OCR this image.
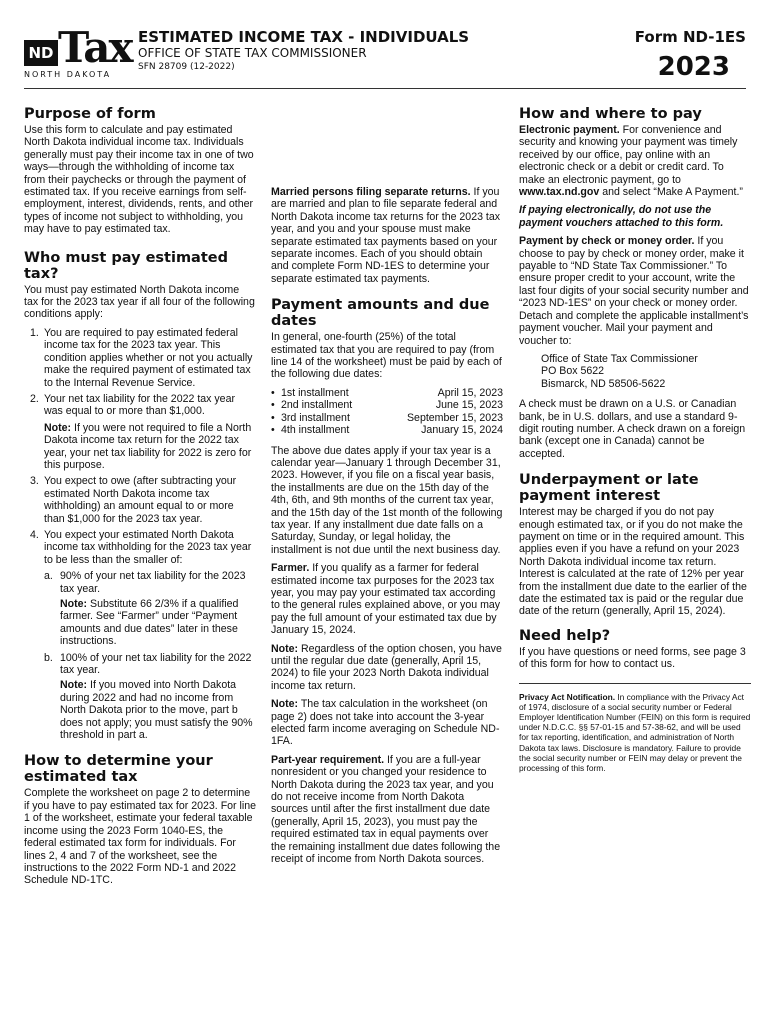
ND Tax
NORTH DAKOTA
ESTIMATED INCOME TAX - INDIVIDUALS
OFFICE OF STATE TAX COMMISSIONER
SFN 28709 (12-2022)
Form ND-1ES
2023
Purpose of form

Use this form to calculate and pay estimated North Dakota individual income tax. Individuals generally must pay their income tax in one of two ways—through the withholding of income tax from their paychecks or through the payment of estimated tax. If you receive earnings from self-employment, interest, dividends, rents, and other types of income not subject to withholding, you may have to pay estimated tax.

Who must pay estimated tax?

You must pay estimated North Dakota income tax for the 2023 tax year if all four of the following conditions apply:

1. You are required to pay estimated federal income tax for the 2023 tax year. This condition applies whether or not you actually make the required payment of estimated tax to the Internal Revenue Service.
2. Your net tax liability for the 2022 tax year was equal to or more than $1,000.
Note: If you were not required to file a North Dakota income tax return for the 2022 tax year, your net tax liability for 2022 is zero for this purpose.
3. You expect to owe (after subtracting your estimated North Dakota income tax withholding) an amount equal to or more than $1,000 for the 2023 tax year.
4. You expect your estimated North Dakota income tax withholding for the 2023 tax year to be less than the smaller of:
a. 90% of your net tax liability for the 2023 tax year.
Note: Substitute 66 2/3% if a qualified farmer. See “Farmer” under “Payment amounts and due dates” later in these instructions.
b. 100% of your net tax liability for the 2022 tax year.
Note: If you moved into North Dakota during 2022 and had no income from North Dakota prior to the move, part b does not apply; you must satisfy the 90% threshold in part a.
How to determine your estimated tax

Complete the worksheet on page 2 to determine if you have to pay estimated tax for 2023. For line 1 of the worksheet, estimate your federal taxable income using the 2023 Form 1040-ES, the federal estimated tax form for individuals. For lines 2, 4 and 7 of the worksheet, see the instructions to the 2022 Form ND-1 and 2022 Schedule ND-1TC.

Married persons filing separate returns. If you are married and plan to file separate federal and North Dakota income tax returns for the 2023 tax year, and you and your spouse must make separate estimated tax payments based on your separate incomes. Each of you should obtain and complete Form ND-1ES to determine your separate estimated tax payments.

Payment amounts and due dates

In general, one-fourth (25%) of the total estimated tax that you are required to pay (from line 14 of the worksheet) must be paid by each of the following due dates:

• 1st installment	April 15, 2023
• 2nd installment	June 15, 2023
• 3rd installment	September 15, 2023
• 4th installment	January 15, 2024

The above due dates apply if your tax year is a calendar year—January 1 through December 31, 2023. However, if you file on a fiscal year basis, the installments are due on the 15th day of the 4th, 6th, and 9th months of the current tax year, and the 15th day of the 1st month of the following tax year. If any installment due date falls on a Saturday, Sunday, or legal holiday, the installment is not due until the next business day.

Farmer. If you qualify as a farmer for federal estimated income tax purposes for the 2023 tax year, you may pay your estimated tax according to the general rules explained above, or you may pay the full amount of your estimated tax due by January 15, 2024.

Note: Regardless of the option chosen, you have until the regular due date (generally, April 15, 2024) to file your 2023 North Dakota individual income tax return.

Note: The tax calculation in the worksheet (on page 2) does not take into account the 3-year elected farm income averaging on Schedule ND-1FA.

Part-year requirement. If you are a full-year nonresident or you changed your residence to North Dakota during the 2023 tax year, and you do not receive income from North Dakota sources until after the first installment due date (generally, April 15, 2023), you must pay the required estimated tax in equal payments over the remaining installment due dates following the receipt of income from North Dakota sources.

How and where to pay

Electronic payment. For convenience and security and knowing your payment was timely received by our office, pay online with an electronic check or a debit or credit card. To make an electronic payment, go to www.tax.nd.gov and select “Make A Payment.”

If paying electronically, do not use the payment vouchers attached to this form.

Payment by check or money order. If you choose to pay by check or money order, make it payable to “ND State Tax Commissioner.” To ensure proper credit to your account, write the last four digits of your social security number and “2023 ND-1ES” on your check or money order. Detach and complete the applicable installment’s payment voucher. Mail your payment and voucher to:

Office of State Tax Commissioner
PO Box 5622
Bismarck, ND 58506-5622

A check must be drawn on a U.S. or Canadian bank, be in U.S. dollars, and use a standard 9-digit routing number. A check drawn on a foreign bank (except one in Canada) cannot be accepted.

Underpayment or late payment interest

Interest may be charged if you do not pay enough estimated tax, or if you do not make the payment on time or in the required amount. This applies even if you have a refund on your 2023 North Dakota individual income tax return. Interest is calculated at the rate of 12% per year from the installment due date to the earlier of the date the estimated tax is paid or the regular due date of the return (generally, April 15, 2024).

Need help?

If you have questions or need forms, see page 3 of this form for how to contact us.

Privacy Act Notification. In compliance with the Privacy Act of 1974, disclosure of a social security number or Federal Employer Identification Number (FEIN) on this form is required under N.D.C.C. §§ 57-01-15 and 57-38-62, and will be used for tax reporting, identification, and administration of North Dakota tax laws. Disclosure is mandatory. Failure to provide the social security number or FEIN may delay or prevent the processing of this form.
